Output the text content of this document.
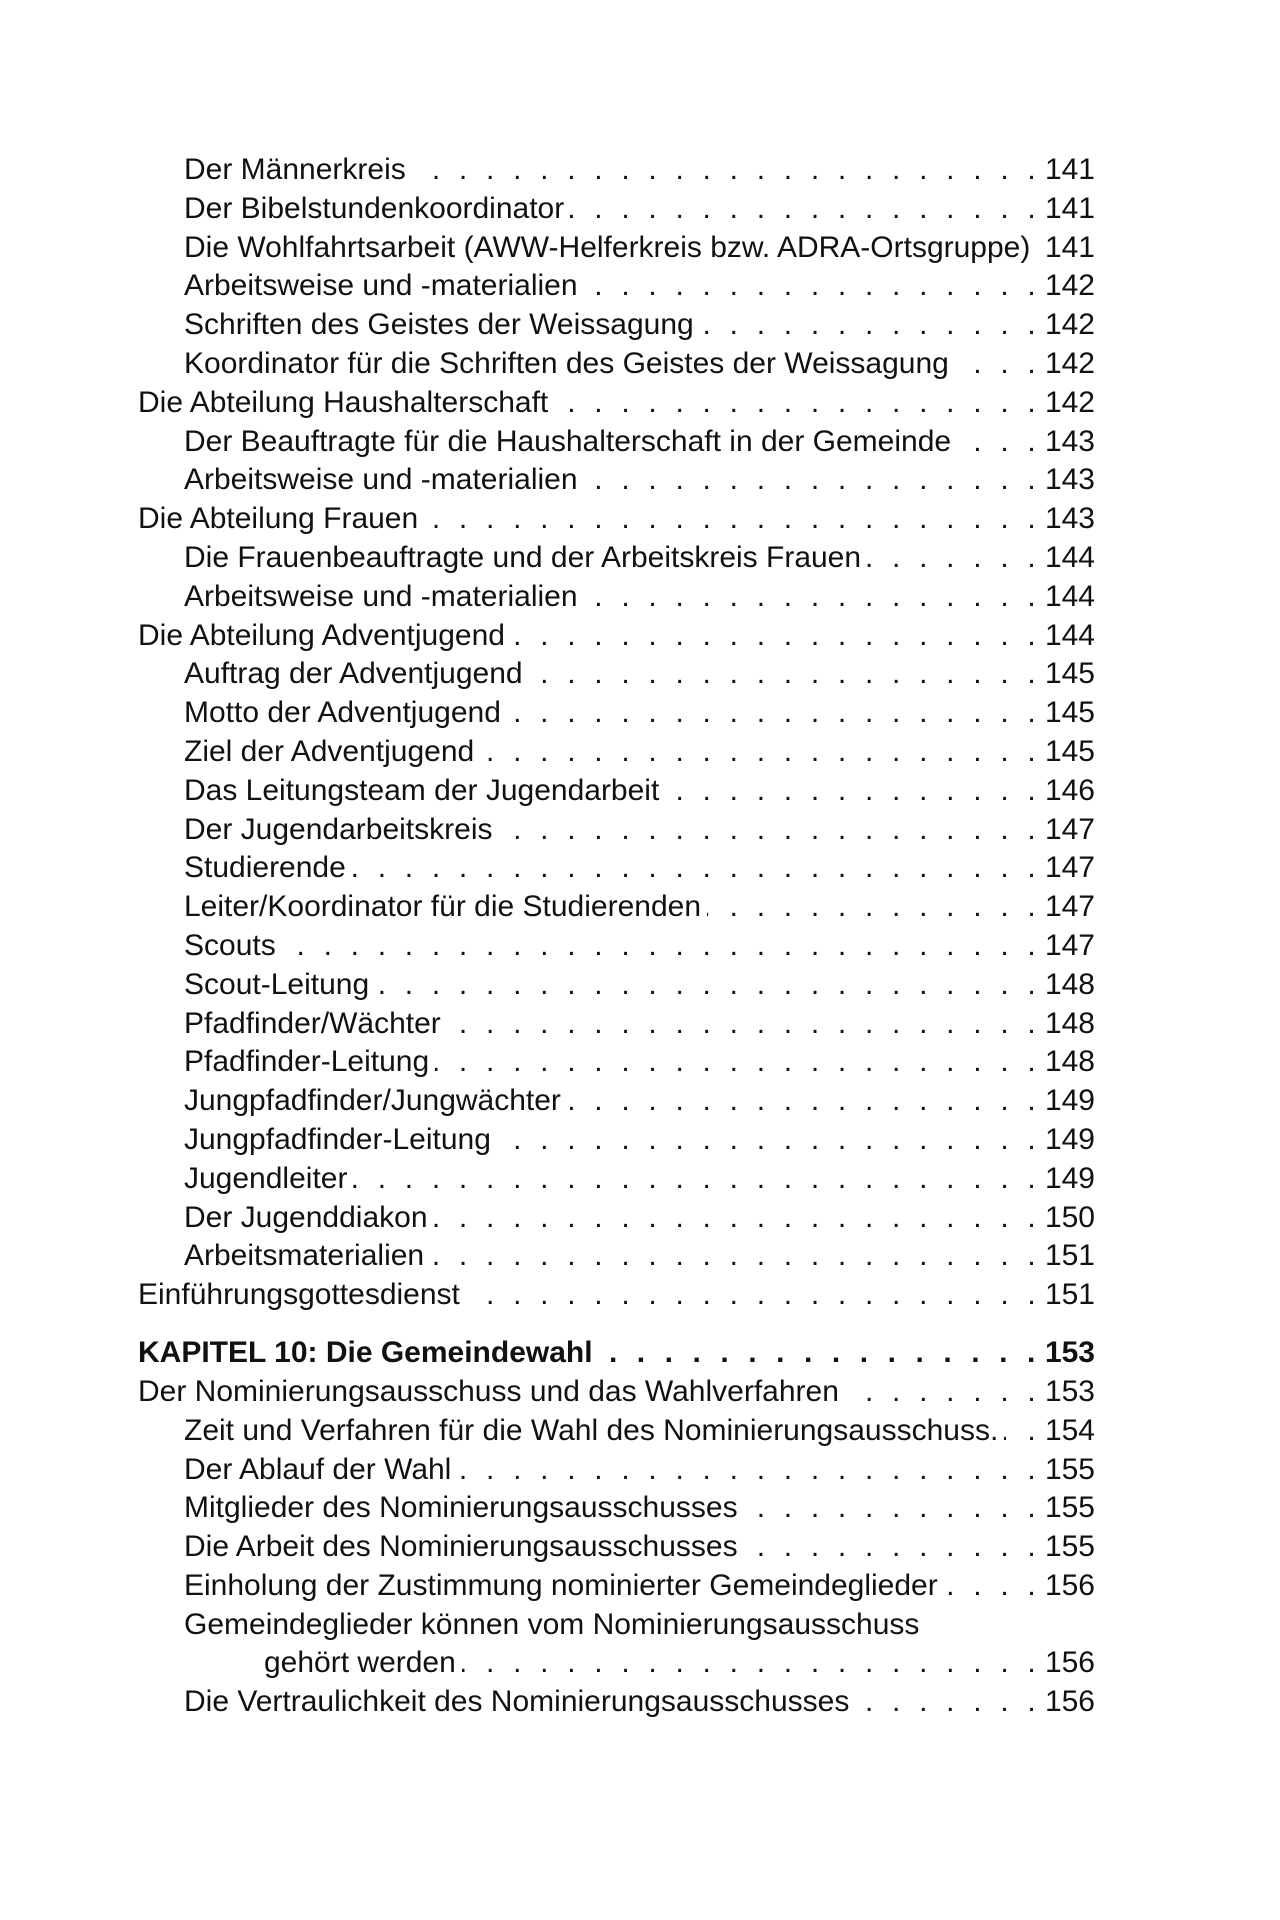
Der Männerkreis . . .	141
Der Bibelstundenkoordinator . . .	141
Die Wohlfahrtsarbeit (AWW-Helferkreis bzw. ADRA-Ortsgruppe) 141
Arbeitsweise und -materialien . . .	142
Schriften des Geistes der Weissagung . . .	142
Koordinator für die Schriften des Geistes der Weissagung . . .	142
Die Abteilung Haushalterschaft . . .	142
Der Beauftragte für die Haushalterschaft in der Gemeinde . . .	143
Arbeitsweise und -materialien . . .	143
Die Abteilung Frauen . . .	143
Die Frauenbeauftragte und der Arbeitskreis Frauen . . .	144
Arbeitsweise und -materialien . . .	144
Die Abteilung Adventjugend . . .	144
Auftrag der Adventjugend . . .	145
Motto der Adventjugend . . .	145
Ziel der Adventjugend . . .	145
Das Leitungsteam der Jugendarbeit . . .	146
Der Jugendarbeitskreis . . .	147
Studierende . . .	147
Leiter/Koordinator für die Studierenden . . .	147
Scouts . . .	147
Scout-Leitung . . .	148
Pfadfinder/Wächter . . .	148
Pfadfinder-Leitung . . .	148
Jungpfadfinder/Jungwächter . . .	149
Jungpfadfinder-Leitung . . .	149
Jugendleiter . . .	149
Der Jugenddiakon . . .	150
Arbeitsmaterialien . . .	151
Einführungsgottesdienst . . .	151
KAPITEL 10: Die Gemeindewahl . . .	153
Der Nominierungsausschuss und das Wahlverfahren . . .	153
Zeit und Verfahren für die Wahl des Nominierungsausschuss. . . . 154
Der Ablauf der Wahl . . .	155
Mitglieder des Nominierungsausschusses . . .	155
Die Arbeit des Nominierungsausschusses . . .	155
Einholung der Zustimmung nominierter Gemeindeglieder . . .	156
Gemeindeglieder können vom Nominierungsausschuss
gehört werden . . .	156
Die Vertraulichkeit des Nominierungsausschusses . . .	156
